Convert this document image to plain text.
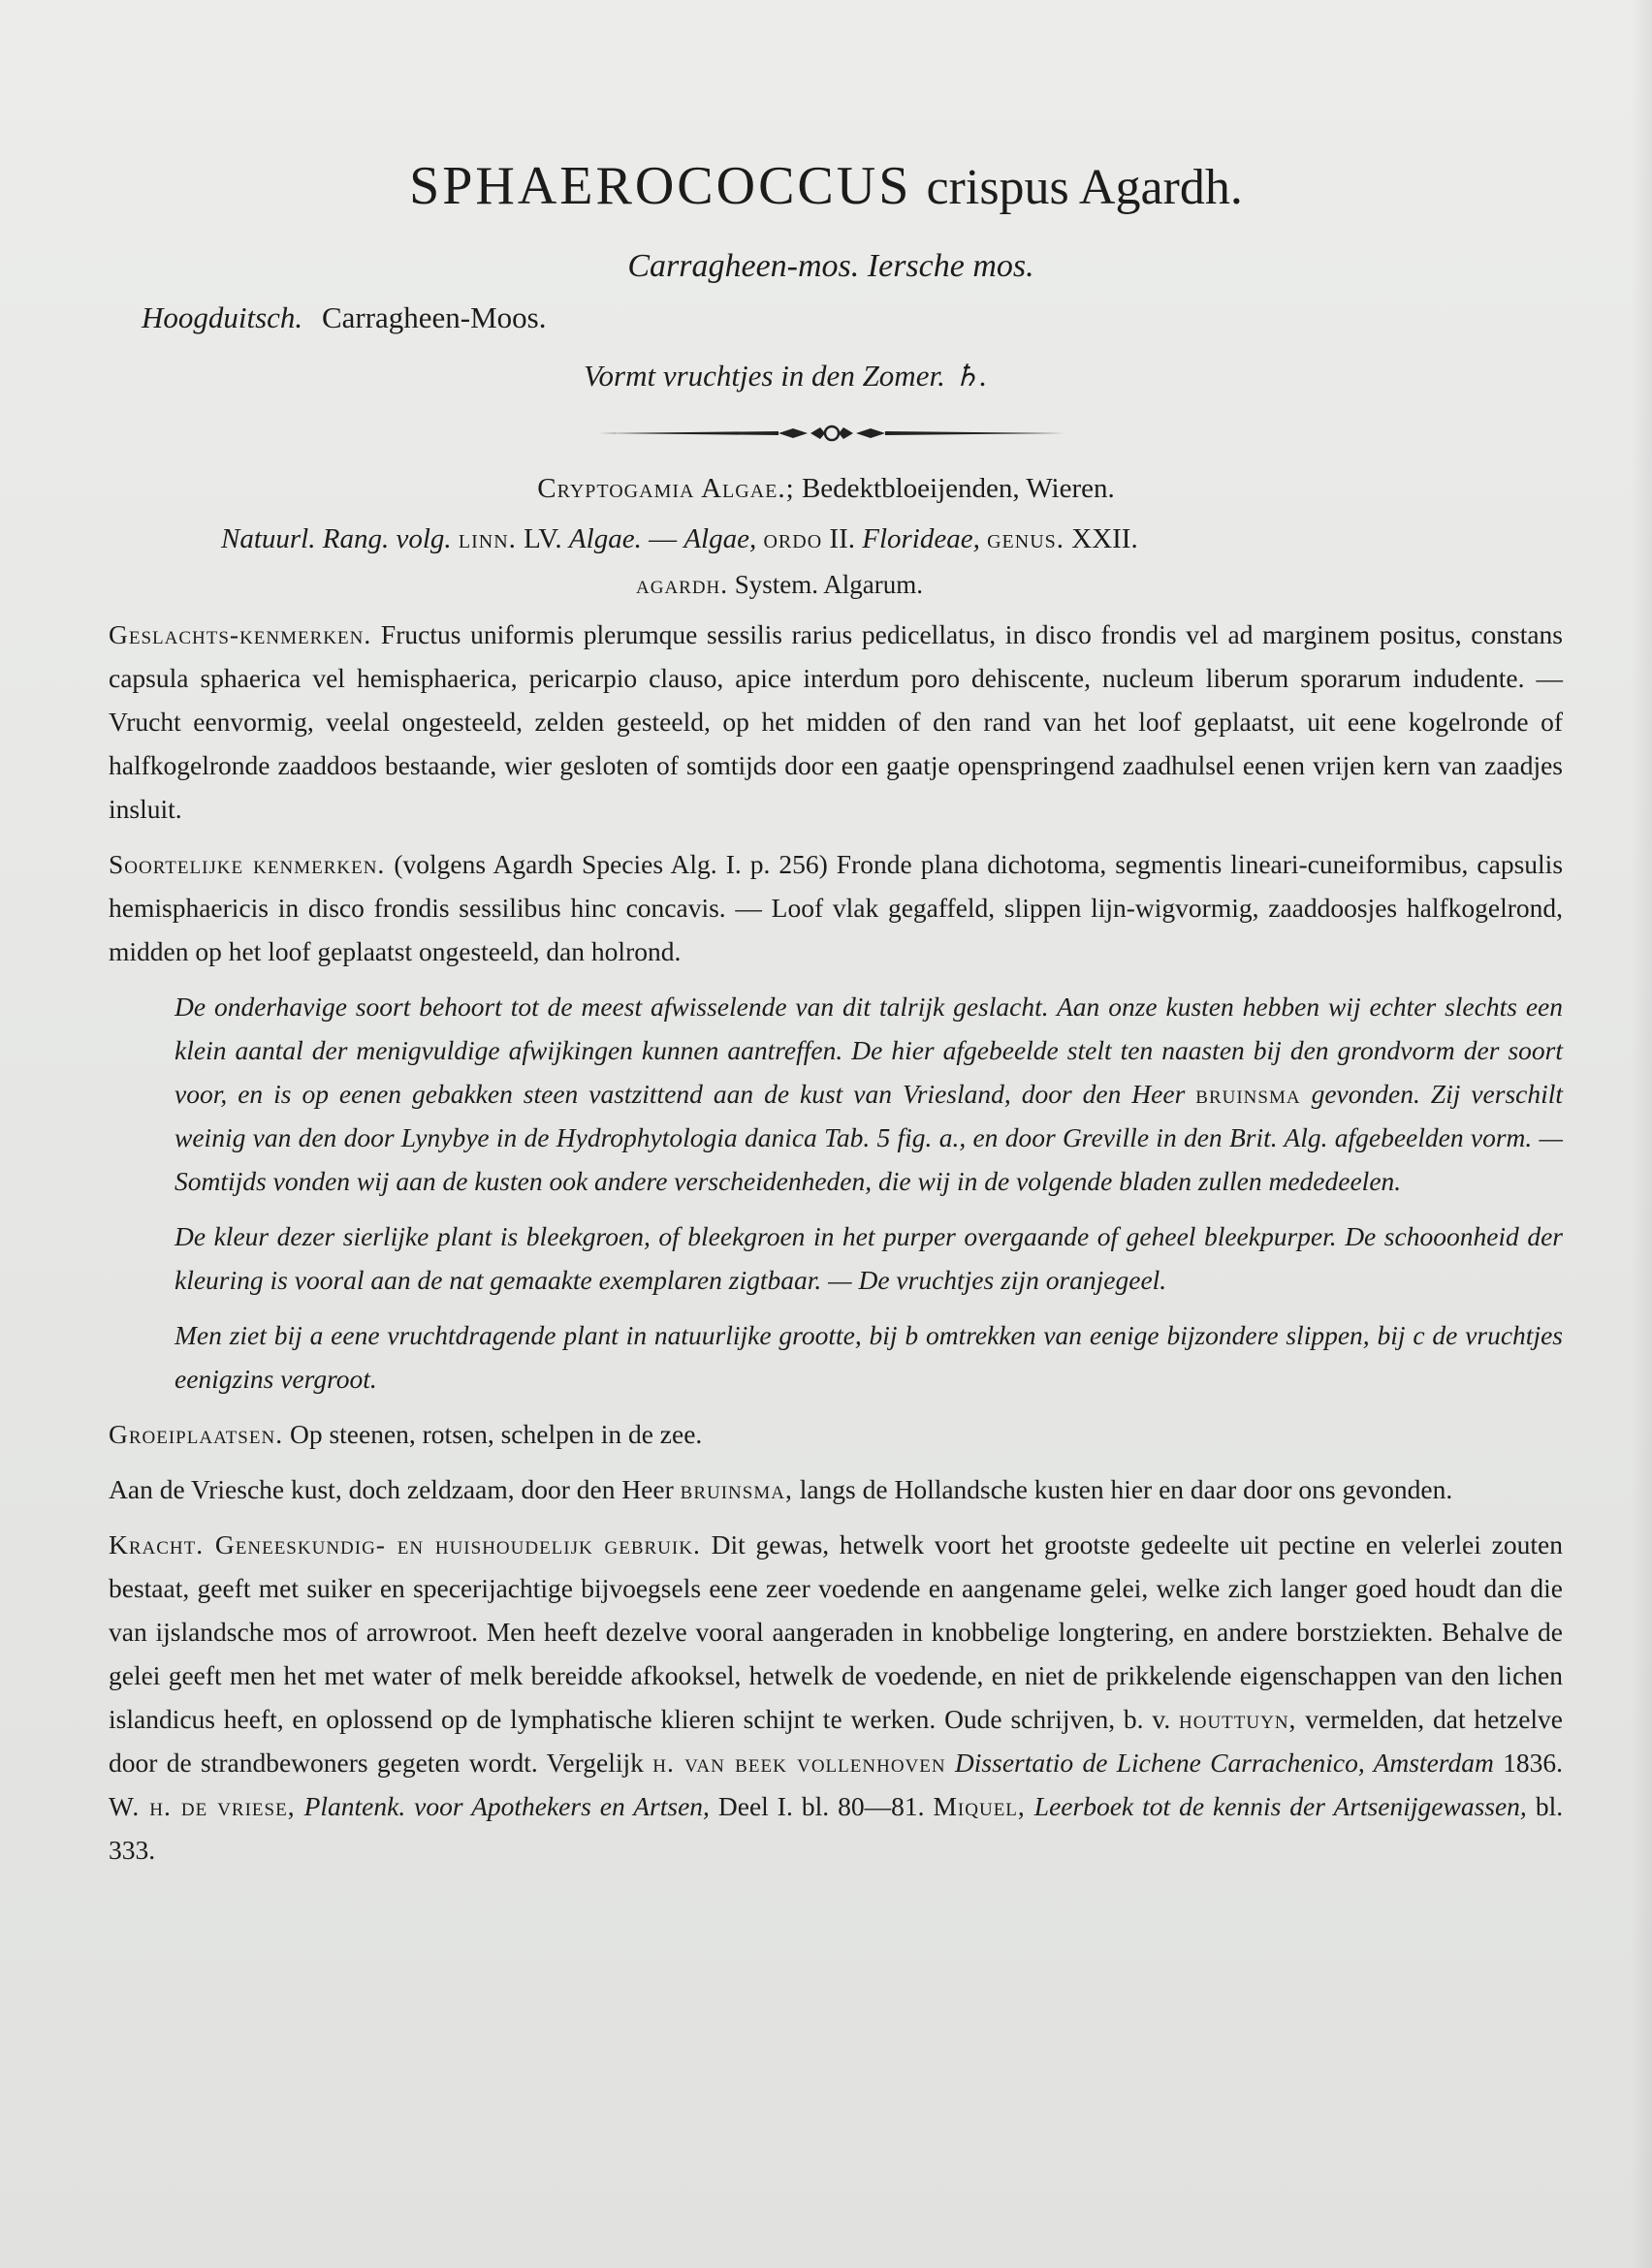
SPHAEROCOCCUS crispus Agardh.
Carragheen-mos. Iersche mos.
Hoogduitsch. Carragheen-Moos.
Vormt vruchtjes in den Zomer. ♄.
Cryptogamia Algae.; Bedektbloeijenden, Wieren.
Natuurl. Rang. volg. linn. LV. Algae. — Algae, ordo II. Florideae, genus. XXII.
agardh. System. Algarum.

Geslachts-kenmerken. Fructus uniformis plerumque sessilis rarius pedicellatus, in disco frondis vel ad marginem positus, constans capsula sphaerica vel hemisphaerica, pericarpio clauso, apice interdum poro dehiscente, nucleum liberum sporarum indudente. — Vrucht eenvormig, veelal ongesteeld, zelden gesteeld, op het midden of den rand van het loof geplaatst, uit eene kogelronde of halfkogelronde zaaddoos bestaande, wier gesloten of somtijds door een gaatje openspringend zaadhulsel eenen vrijen kern van zaadjes insluit.

Soortelijke kenmerken. (volgens Agardh Species Alg. I. p. 256) Fronde plana dichotoma, segmentis lineari-cuneiformibus, capsulis hemisphaericis in disco frondis sessilibus hinc concavis. — Loof vlak gegaffeld, slippen lijn-wigvormig, zaaddoosjes halfkogelrond, midden op het loof geplaatst ongesteeld, dan holrond.

De onderhavige soort behoort tot de meest afwisselende van dit talrijk geslacht. Aan onze kusten hebben wij echter slechts een klein aantal der menigvuldige afwijkingen kunnen aantreffen. De hier afgebeelde stelt ten naasten bij den grondvorm der soort voor, en is op eenen gebakken steen vastzittend aan de kust van Vriesland, door den Heer bruinsma gevonden. Zij verschilt weinig van den door Lynybye in de Hydrophytologia danica Tab. 5 fig. a., en door Greville in den Brit. Alg. afgebeelden vorm. — Somtijds vonden wij aan de kusten ook andere verscheidenheden, die wij in de volgende bladen zullen mededeelen.

De kleur dezer sierlijke plant is bleekgroen, of bleekgroen in het purper overgaande of geheel bleekpurper. De schooonheid der kleuring is vooral aan de nat gemaakte exemplaren zigtbaar. — De vruchtjes zijn oranjegeel.

Men ziet bij a eene vruchtdragende plant in natuurlijke grootte, bij b omtrekken van eenige bijzondere slippen, bij c de vruchtjes eenigzins vergroot.

Groeiplaatsen. Op steenen, rotsen, schelpen in de zee.

Aan de Vriesche kust, doch zeldzaam, door den Heer bruinsma, langs de Hollandsche kusten hier en daar door ons gevonden.

Kracht. Geneeskundig- en huishoudelijk gebruik. Dit gewas, hetwelk voort het grootste gedeelte uit pectine en velerlei zouten bestaat, geeft met suiker en specerijachtige bijvoegsels eene zeer voedende en aangename gelei, welke zich langer goed houdt dan die van ijslandsche mos of arrowroot. Men heeft dezelve vooral aangeraden in knobbelige longtering, en andere borstziekten. Behalve de gelei geeft men het met water of melk bereidde afkooksel, hetwelk de voedende, en niet de prikkelende eigenschappen van den lichen islandicus heeft, en oplossend op de lymphatische klieren schijnt te werken. Oude schrijven, b. v. houttuyn, vermelden, dat hetzelve door de strandbewoners gegeten wordt. Vergelijk h. van beek vollenhoven Dissertatio de Lichene Carrachenico, Amsterdam 1836. W. h. de vriese, Plantenk. voor Apothekers en Artsen, Deel I. bl. 80—81. Miquel, Leerboek tot de kennis der Artsenijgewassen, bl. 333.
